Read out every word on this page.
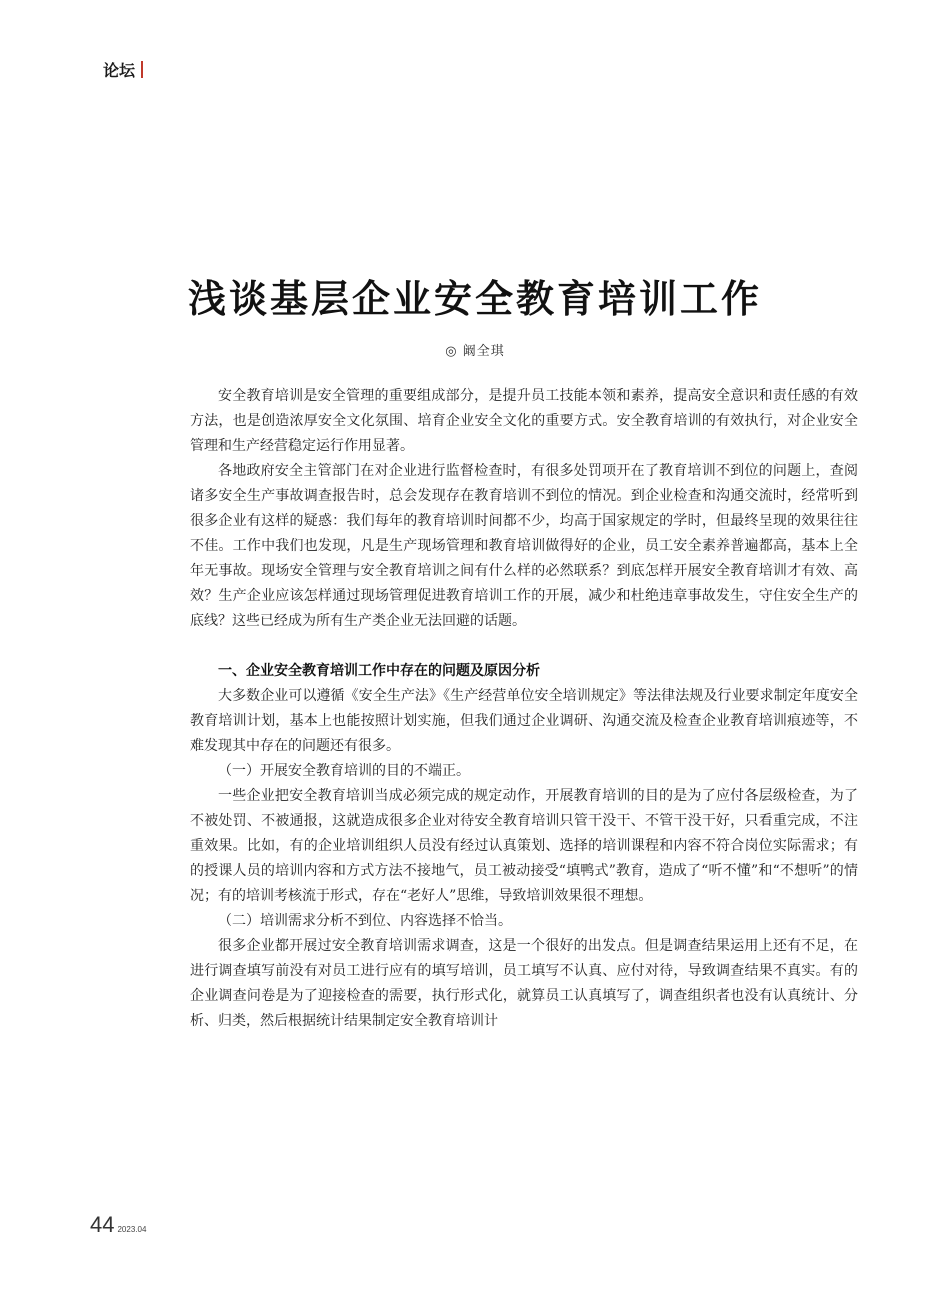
论坛
浅谈基层企业安全教育培训工作
◎ 阚全琪

安全教育培训是安全管理的重要组成部分，是提升员工技能本领和素养，提高安全意识和责任感的有效方法，也是创造浓厚安全文化氛围、培育企业安全文化的重要方式。安全教育培训的有效执行，对企业安全管理和生产经营稳定运行作用显著。

各地政府安全主管部门在对企业进行监督检查时，有很多处罚项开在了教育培训不到位的问题上，查阅诸多安全生产事故调查报告时，总会发现存在教育培训不到位的情况。到企业检查和沟通交流时，经常听到很多企业有这样的疑惑：我们每年的教育培训时间都不少，均高于国家规定的学时，但最终呈现的效果往往不佳。工作中我们也发现，凡是生产现场管理和教育培训做得好的企业，员工安全素养普遍都高，基本上全年无事故。现场安全管理与安全教育培训之间有什么样的必然联系？到底怎样开展安全教育培训才有效、高效？生产企业应该怎样通过现场管理促进教育培训工作的开展，减少和杜绝违章事故发生，守住安全生产的底线？这些已经成为所有生产类企业无法回避的话题。

一、企业安全教育培训工作中存在的问题及原因分析

大多数企业可以遵循《安全生产法》《生产经营单位安全培训规定》等法律法规及行业要求制定年度安全教育培训计划，基本上也能按照计划实施，但我们通过企业调研、沟通交流及检查企业教育培训痕迹等，不难发现其中存在的问题还有很多。

（一）开展安全教育培训的目的不端正。

一些企业把安全教育培训当成必须完成的规定动作，开展教育培训的目的是为了应付各层级检查，为了不被处罚、不被通报，这就造成很多企业对待安全教育培训只管干没干、不管干没干好，只看重完成，不注重效果。比如，有的企业培训组织人员没有经过认真策划、选择的培训课程和内容不符合岗位实际需求；有的授课人员的培训内容和方式方法不接地气，员工被动接受“填鸭式”教育，造成了“听不懂”和“不想听”的情况；有的培训考核流于形式，存在“老好人”思维，导致培训效果很不理想。

（二）培训需求分析不到位、内容选择不恰当。

很多企业都开展过安全教育培训需求调查，这是一个很好的出发点。但是调查结果运用上还有不足，在进行调查填写前没有对员工进行应有的填写培训，员工填写不认真、应付对待，导致调查结果不真实。有的企业调查问卷是为了迎接检查的需要，执行形式化，就算员工认真填写了，调查组织者也没有认真统计、分析、归类，然后根据统计结果制定安全教育培训计

44 2023.04
